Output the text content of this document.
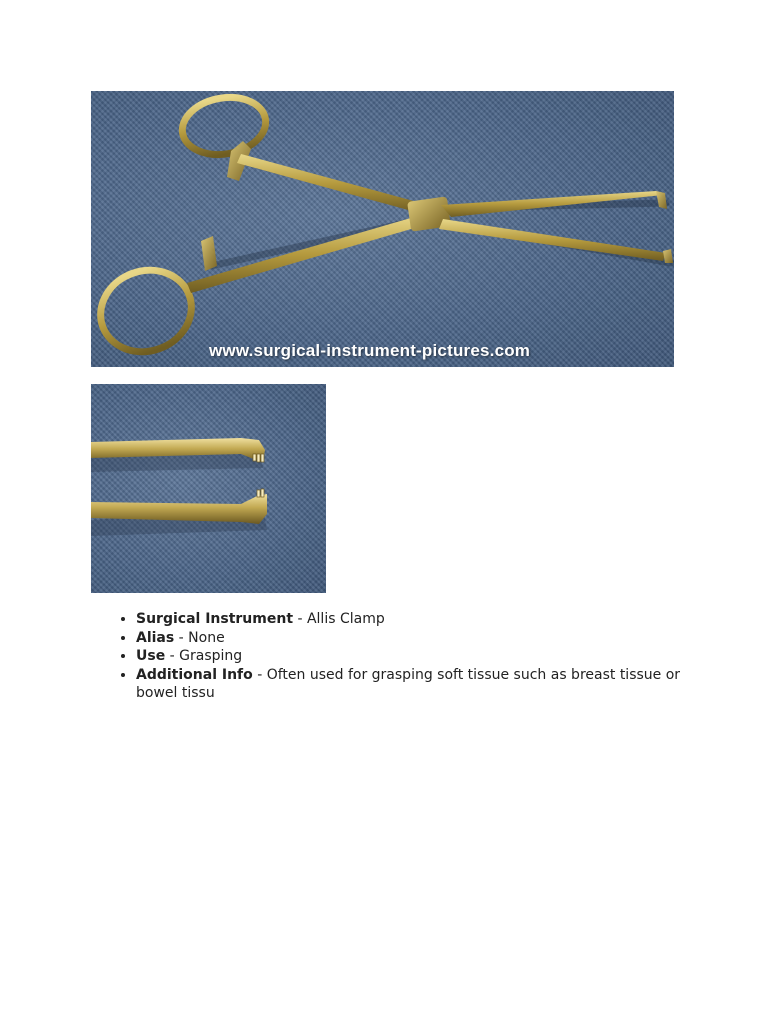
www.surgical-instrument-pictures.com
• Surgical Instrument - Allis Clamp
• Alias - None
• Use - Grasping
• Additional Info - Often used for grasping soft tissue such as breast tissue or bowel tissu
